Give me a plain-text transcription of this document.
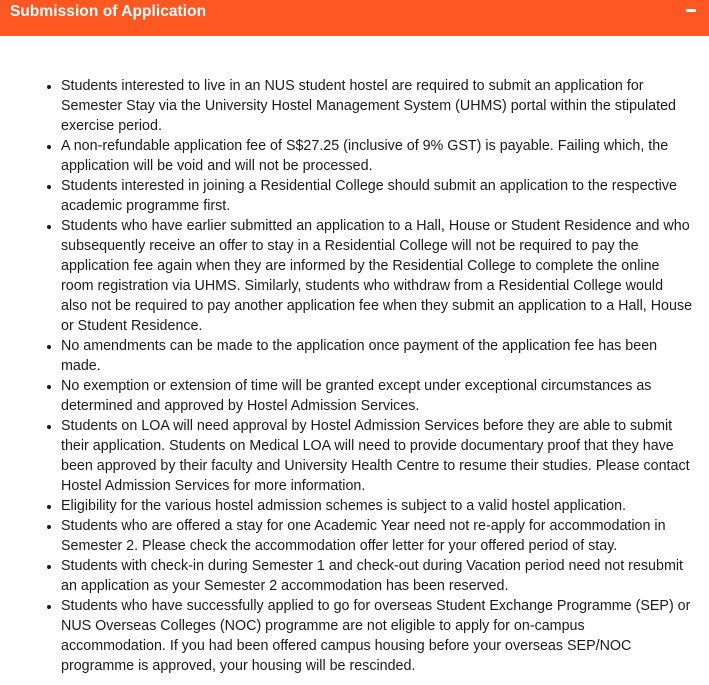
Submission of Application
• Students interested to live in an NUS student hostel are required to submit an application for Semester Stay via the University Hostel Management System (UHMS) portal within the stipulated exercise period.
• A non-refundable application fee of S$27.25 (inclusive of 9% GST) is payable. Failing which, the application will be void and will not be processed.
• Students interested in joining a Residential College should submit an application to the respective academic programme first.
• Students who have earlier submitted an application to a Hall, House or Student Residence and who subsequently receive an offer to stay in a Residential College will not be required to pay the application fee again when they are informed by the Residential College to complete the online room registration via UHMS. Similarly, students who withdraw from a Residential College would also not be required to pay another application fee when they submit an application to a Hall, House or Student Residence.
• No amendments can be made to the application once payment of the application fee has been made.
• No exemption or extension of time will be granted except under exceptional circumstances as determined and approved by Hostel Admission Services.
• Students on LOA will need approval by Hostel Admission Services before they are able to submit their application. Students on Medical LOA will need to provide documentary proof that they have been approved by their faculty and University Health Centre to resume their studies. Please contact Hostel Admission Services for more information.
• Eligibility for the various hostel admission schemes is subject to a valid hostel application.
• Students who are offered a stay for one Academic Year need not re-apply for accommodation in Semester 2. Please check the accommodation offer letter for your offered period of stay.
• Students with check-in during Semester 1 and check-out during Vacation period need not resubmit an application as your Semester 2 accommodation has been reserved.
• Students who have successfully applied to go for overseas Student Exchange Programme (SEP) or NUS Overseas Colleges (NOC) programme are not eligible to apply for on-campus accommodation. If you had been offered campus housing before your overseas SEP/NOC programme is approved, your housing will be rescinded.
